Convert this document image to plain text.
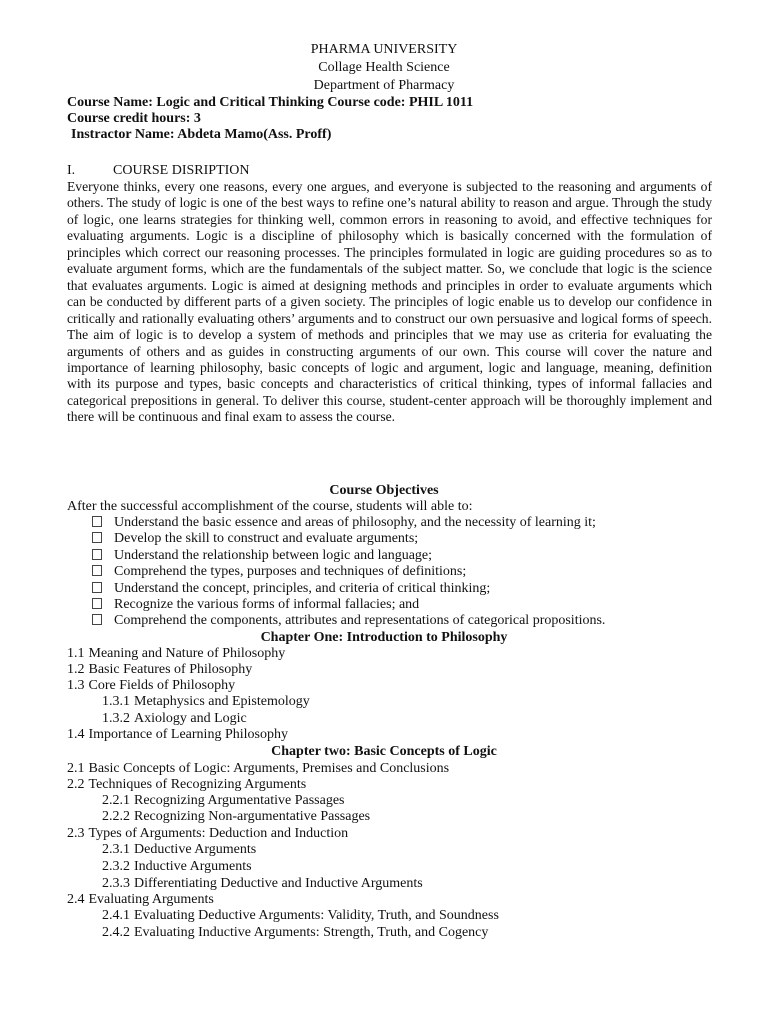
PHARMA UNIVERSITY
Collage Health Science
Department of Pharmacy
Course Name: Logic and Critical Thinking Course code: PHIL 1011
Course credit hours: 3
Instractor Name: Abdeta Mamo(Ass. Proff)
I.	COURSE DISRIPTION
Everyone thinks, every one reasons, every one argues, and everyone is subjected to the reasoning and arguments of others. The study of logic is one of the best ways to refine one’s natural ability to reason and argue. Through the study of logic, one learns strategies for thinking well, common errors in reasoning to avoid, and effective techniques for evaluating arguments. Logic is a discipline of philosophy which is basically concerned with the formulation of principles which correct our reasoning processes. The principles formulated in logic are guiding procedures so as to evaluate argument forms, which are the fundamentals of the subject matter. So, we conclude that logic is the science that evaluates arguments. Logic is aimed at designing methods and principles in order to evaluate arguments which can be conducted by different parts of a given society. The principles of logic enable us to develop our confidence in critically and rationally evaluating others’ arguments and to construct our own persuasive and logical forms of speech. The aim of logic is to develop a system of methods and principles that we may use as criteria for evaluating the arguments of others and as guides in constructing arguments of our own. This course will cover the nature and importance of learning philosophy, basic concepts of logic and argument, logic and language, meaning, definition with its purpose and types, basic concepts and characteristics of critical thinking, types of informal fallacies and categorical prepositions in general. To deliver this course, student-center approach will be thoroughly implement and there will be continuous and final exam to assess the course.
Course Objectives
After the successful accomplishment of the course, students will able to:
Understand the basic essence and areas of philosophy, and the necessity of learning it;
Develop the skill to construct and evaluate arguments;
Understand the relationship between logic and language;
Comprehend the types, purposes and techniques of definitions;
Understand the concept, principles, and criteria of critical thinking;
Recognize the various forms of informal fallacies; and
Comprehend the components, attributes and representations of categorical propositions.
Chapter One: Introduction to Philosophy
1.1 Meaning and Nature of Philosophy
1.2 Basic Features of Philosophy
1.3 Core Fields of Philosophy
1.3.1 Metaphysics and Epistemology
1.3.2 Axiology and Logic
1.4 Importance of Learning Philosophy
Chapter two: Basic Concepts of Logic
2.1 Basic Concepts of Logic: Arguments, Premises and Conclusions
2.2 Techniques of Recognizing Arguments
2.2.1 Recognizing Argumentative Passages
2.2.2 Recognizing Non-argumentative Passages
2.3 Types of Arguments: Deduction and Induction
2.3.1 Deductive Arguments
2.3.2 Inductive Arguments
2.3.3 Differentiating Deductive and Inductive Arguments
2.4 Evaluating Arguments
2.4.1 Evaluating Deductive Arguments: Validity, Truth, and Soundness
2.4.2 Evaluating Inductive Arguments: Strength, Truth, and Cogency
